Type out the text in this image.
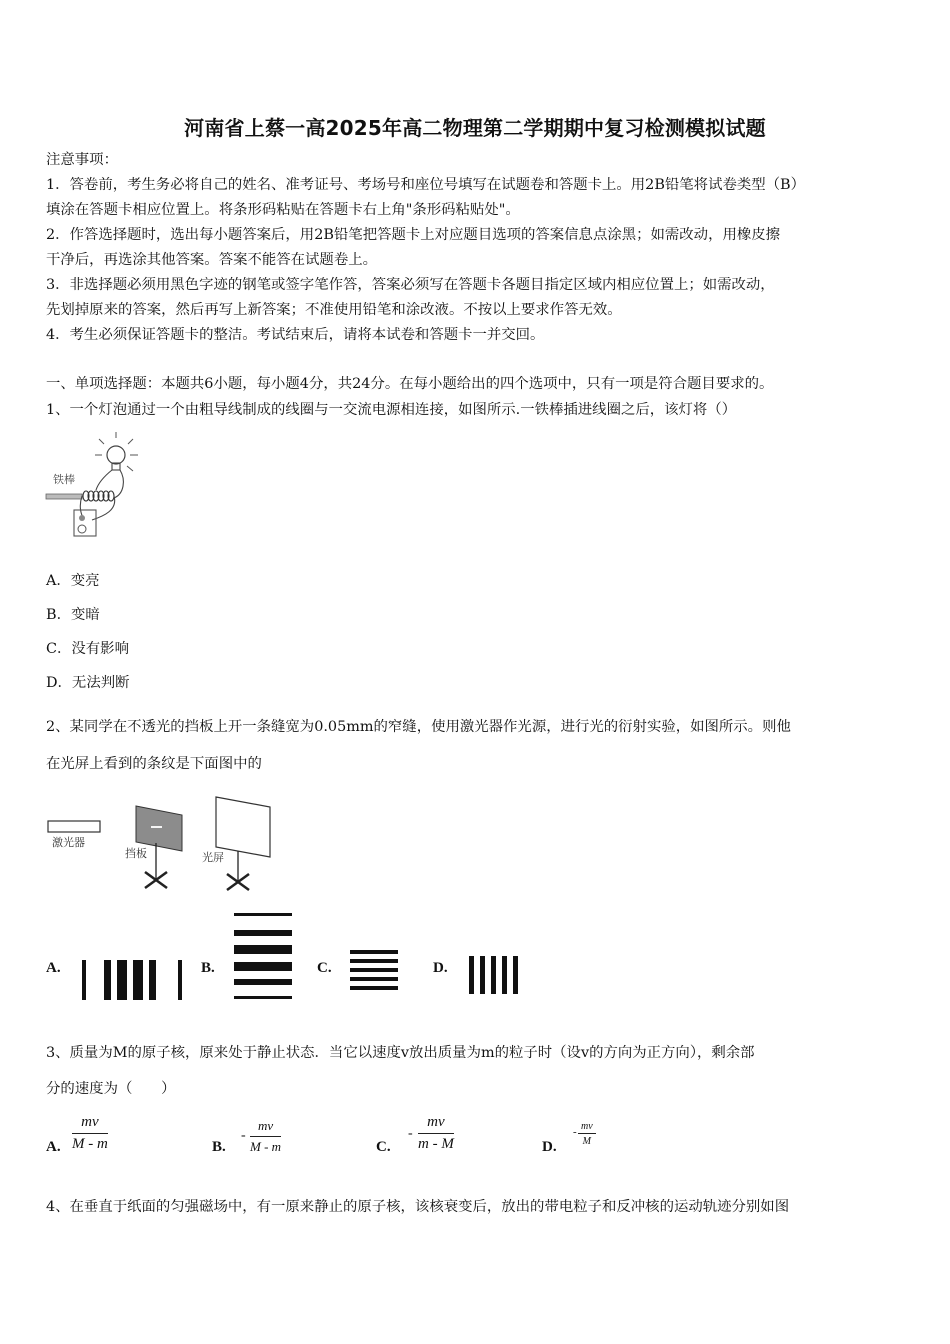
河南省上蔡一高2025年高二物理第二学期期中复习检测模拟试题
注意事项：
1．答卷前，考生务必将自己的姓名、准考证号、考场号和座位号填写在试题卷和答题卡上。用2B铅笔将试卷类型（B）
填涂在答题卡相应位置上。将条形码粘贴在答题卡右上角"条形码粘贴处"。
2．作答选择题时，选出每小题答案后，用2B铅笔把答题卡上对应题目选项的答案信息点涂黑；如需改动，用橡皮擦
干净后，再选涂其他答案。答案不能答在试题卷上。
3．非选择题必须用黑色字迹的钢笔或签字笔作答，答案必须写在答题卡各题目指定区域内相应位置上；如需改动，
先划掉原来的答案，然后再写上新答案；不准使用铅笔和涂改液。不按以上要求作答无效。
4．考生必须保证答题卡的整洁。考试结束后，请将本试卷和答题卡一并交回。
一、单项选择题：本题共6小题，每小题4分，共24分。在每小题给出的四个选项中，只有一项是符合题目要求的。
1、一个灯泡通过一个由粗导线制成的线圈与一交流电源相连接，如图所示.一铁棒插进线圈之后，该灯将（）
铁棒
A．变亮
B．变暗
C．没有影响
D．无法判断
2、某同学在不透光的挡板上开一条缝宽为0.05mm的窄缝，使用激光器作光源，进行光的衍射实验，如图所示。则他
在光屏上看到的条纹是下面图中的
激光器
挡板	光屏
A.	B.	C.	D.
3、质量为M的原子核，原来处于静止状态．当它以速度v放出质量为m的粒子时（设v的方向为正方向），剩余部
分的速度为（　　）
A. $\frac{mv}{M - m}$	B.
- $\frac{mv}{M - m}$	C.
- $\frac{mv}{m - M}$	D.
- $\frac{mv}{M}$
4、在垂直于纸面的匀强磁场中，有一原来静止的原子核，该核衰变后，放出的带电粒子和反冲核的运动轨迹分别如图
